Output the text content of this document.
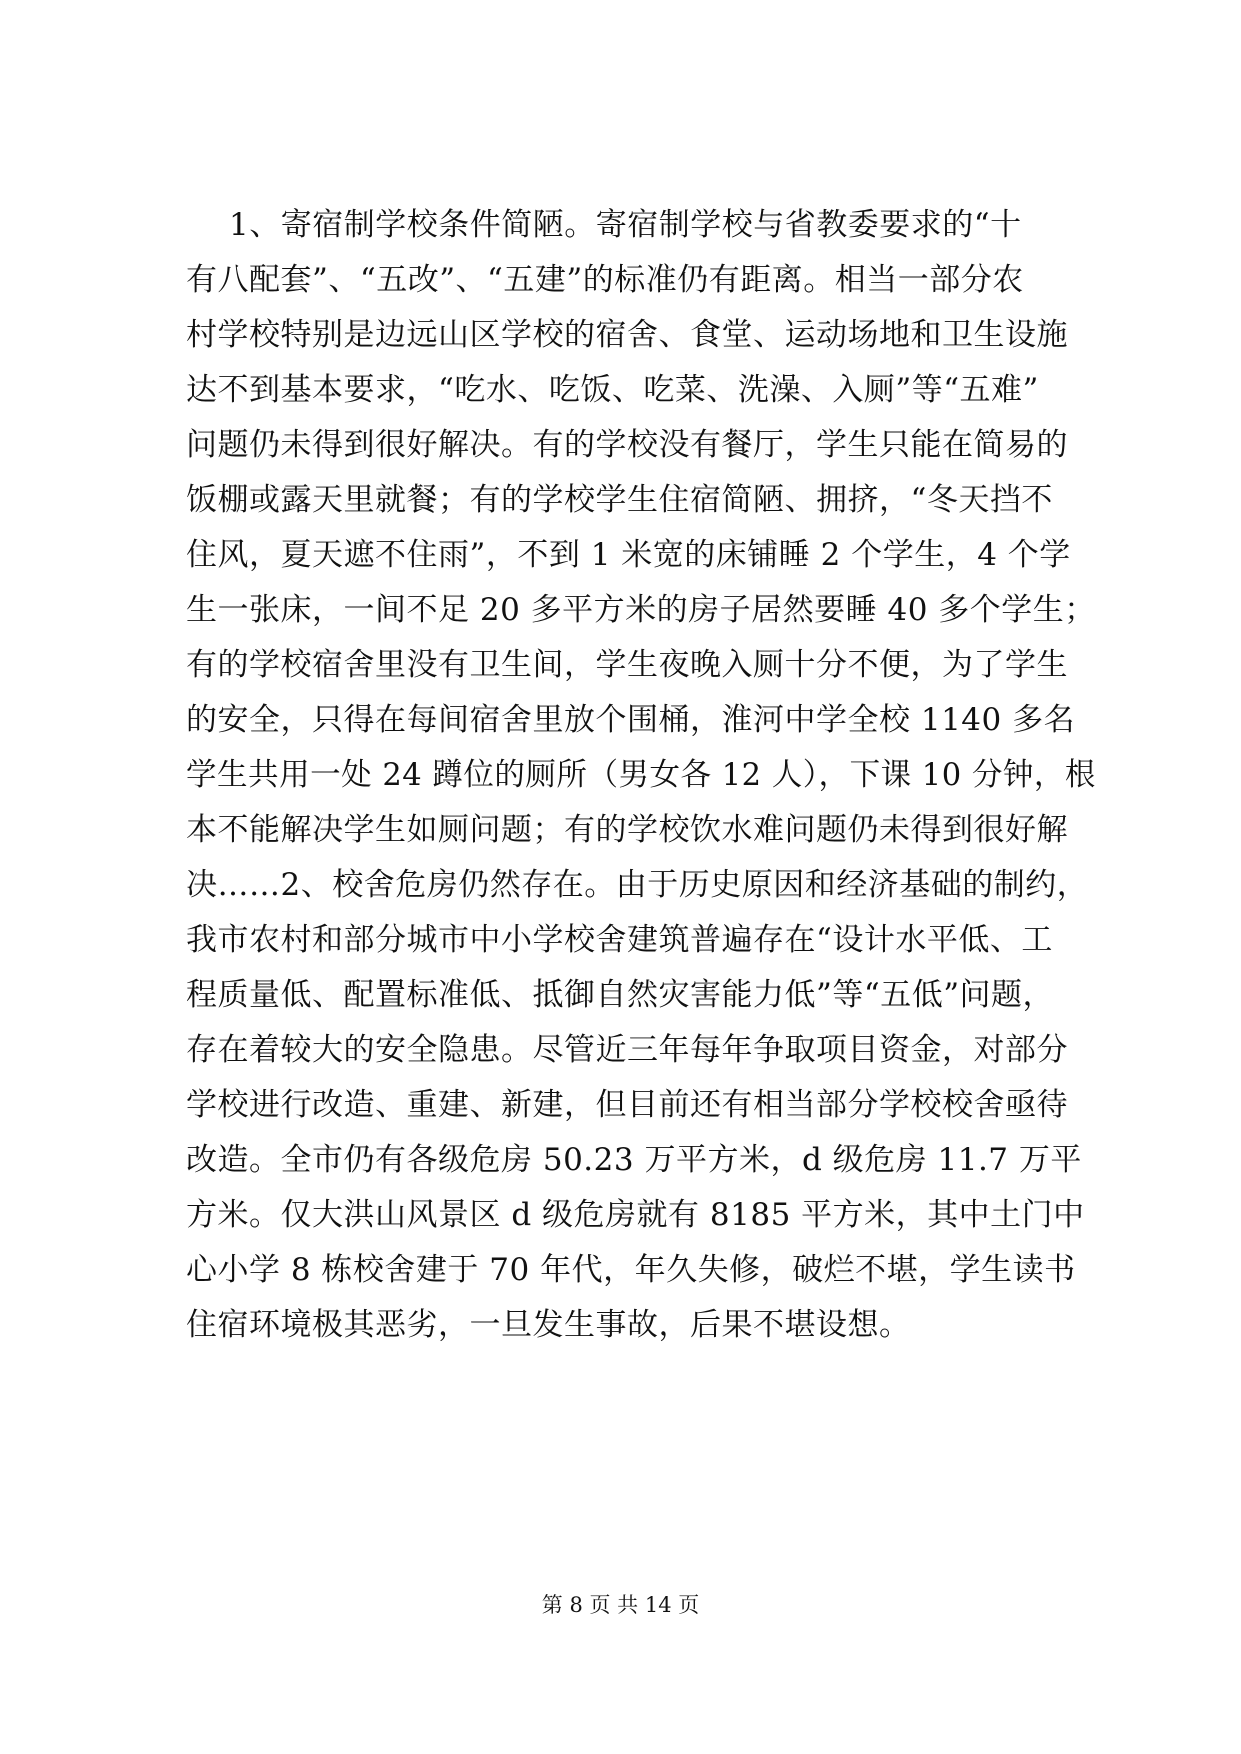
1、寄宿制学校条件简陋。寄宿制学校与省教委要求的“十
有八配套”、“五改”、“五建”的标准仍有距离。相当一部分农
村学校特别是边远山区学校的宿舍、食堂、运动场地和卫生设施
达不到基本要求，“吃水、吃饭、吃菜、洗澡、入厕”等“五难”
问题仍未得到很好解决。有的学校没有餐厅，学生只能在简易的
饭棚或露天里就餐；有的学校学生住宿简陋、拥挤，“冬天挡不
住风，夏天遮不住雨”，不到 1 米宽的床铺睡 2 个学生，4 个学
生一张床，一间不足 20 多平方米的房子居然要睡 40 多个学生；
有的学校宿舍里没有卫生间，学生夜晚入厕十分不便，为了学生
的安全，只得在每间宿舍里放个围桶，淮河中学全校 1140 多名
学生共用一处 24 蹲位的厕所（男女各 12 人），下课 10 分钟，根
本不能解决学生如厕问题；有的学校饮水难问题仍未得到很好解
决……2、校舍危房仍然存在。由于历史原因和经济基础的制约，
我市农村和部分城市中小学校舍建筑普遍存在“设计水平低、工
程质量低、配置标准低、抵御自然灾害能力低”等“五低”问题，
存在着较大的安全隐患。尽管近三年每年争取项目资金，对部分
学校进行改造、重建、新建，但目前还有相当部分学校校舍亟待
改造。全市仍有各级危房 50.23 万平方米，d 级危房 11.7 万平
方米。仅大洪山风景区 d 级危房就有 8185 平方米，其中土门中
心小学 8 栋校舍建于 70 年代，年久失修，破烂不堪，学生读书
住宿环境极其恶劣，一旦发生事故，后果不堪设想。
第 8 页 共 14 页
